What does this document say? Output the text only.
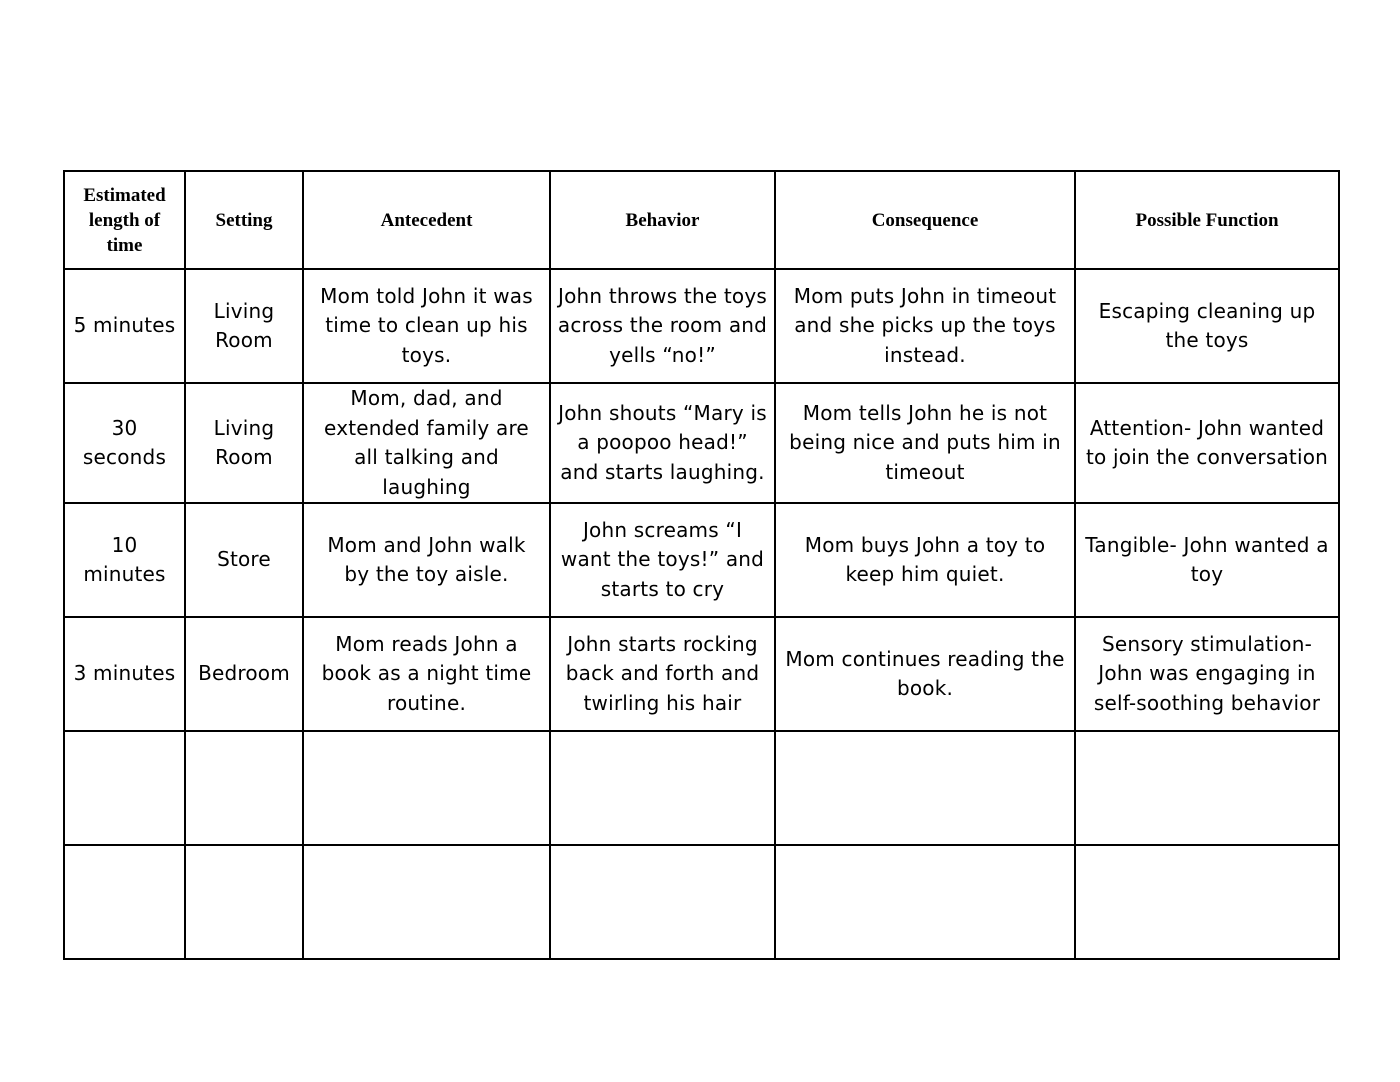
Estimated length of time	Setting	Antecedent	Behavior	Consequence	Possible Function
5 minutes	Living Room	Mom told John it was time to clean up his toys.	John throws the toys across the room and yells “no!”	Mom puts John in timeout and she picks up the toys instead.	Escaping cleaning up the toys
30 seconds	Living Room	Mom, dad, and extended family are all talking and laughing	John shouts “Mary is a poopoo head!” and starts laughing.	Mom tells John he is not being nice and puts him in timeout	Attention- John wanted to join the conversation
10 minutes	Store	Mom and John walk by the toy aisle.	John screams “I want the toys!” and starts to cry	Mom buys John a toy to keep him quiet.	Tangible- John wanted a toy
3 minutes	Bedroom	Mom reads John a book as a night time routine.	John starts rocking back and forth and twirling his hair	Mom continues reading the book.	Sensory stimulation- John was engaging in self-soothing behavior
